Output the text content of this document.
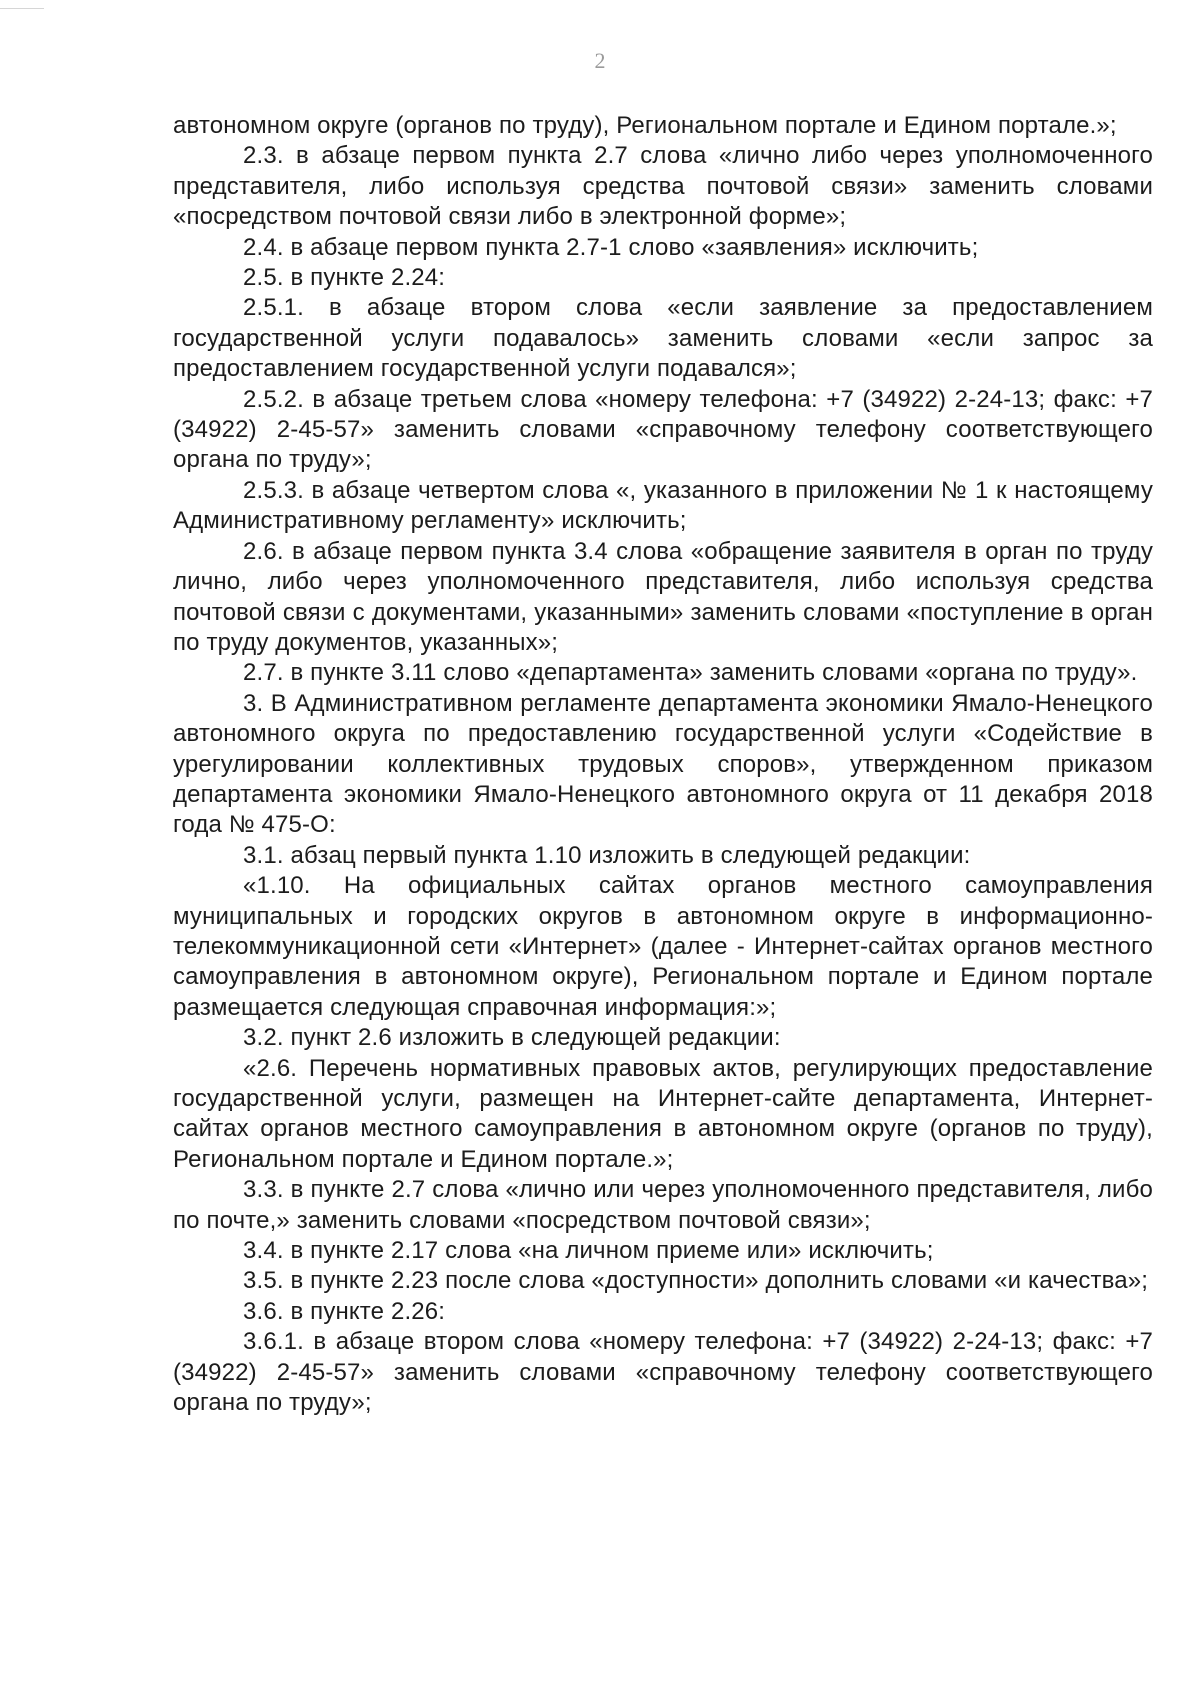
2

автономном округе (органов по труду), Региональном портале и Едином портале.»;

2.3. в абзаце первом пункта 2.7 слова «лично либо через уполномоченного представителя, либо используя средства почтовой связи» заменить словами «посредством почтовой связи либо в электронной форме»;

2.4. в абзаце первом пункта 2.7-1 слово «заявления» исключить;

2.5. в пункте 2.24:

2.5.1. в абзаце втором слова «если заявление за предоставлением государственной услуги подавалось» заменить словами «если запрос за предоставлением государственной услуги подавался»;

2.5.2. в абзаце третьем слова «номеру телефона: +7 (34922) 2-24-13; факс: +7 (34922) 2-45-57» заменить словами «справочному телефону соответствующего органа по труду»;

2.5.3. в абзаце четвертом слова «, указанного в приложении № 1 к настоящему Административному регламенту» исключить;

2.6. в абзаце первом пункта 3.4 слова «обращение заявителя в орган по труду лично, либо через уполномоченного представителя, либо используя средства почтовой связи с документами, указанными» заменить словами «поступление в орган по труду документов, указанных»;

2.7. в пункте 3.11 слово «департамента» заменить словами «органа по труду».

3. В Административном регламенте департамента экономики Ямало-Ненецкого автономного округа по предоставлению государственной услуги «Содействие в урегулировании коллективных трудовых споров», утвержденном приказом департамента экономики Ямало-Ненецкого автономного округа от 11 декабря 2018 года № 475-О:

3.1. абзац первый пункта 1.10 изложить в следующей редакции:

«1.10. На официальных сайтах органов местного самоуправления муниципальных и городских округов в автономном округе в информационно-телекоммуникационной сети «Интернет» (далее - Интернет-сайтах органов местного самоуправления в автономном округе), Региональном портале и Едином портале размещается следующая справочная информация:»;

3.2. пункт 2.6 изложить в следующей редакции:

«2.6. Перечень нормативных правовых актов, регулирующих предоставление государственной услуги, размещен на Интернет-сайте департамента, Интернет-сайтах органов местного самоуправления в автономном округе (органов по труду), Региональном портале и Едином портале.»;

3.3. в пункте 2.7 слова «лично или через уполномоченного представителя, либо по почте,» заменить словами «посредством почтовой связи»;

3.4. в пункте 2.17 слова «на личном приеме или» исключить;

3.5. в пункте 2.23 после слова «доступности» дополнить словами «и качества»;

3.6. в пункте 2.26:

3.6.1. в абзаце втором слова «номеру телефона: +7 (34922) 2-24-13; факс: +7 (34922) 2-45-57» заменить словами «справочному телефону соответствующего органа по труду»;
